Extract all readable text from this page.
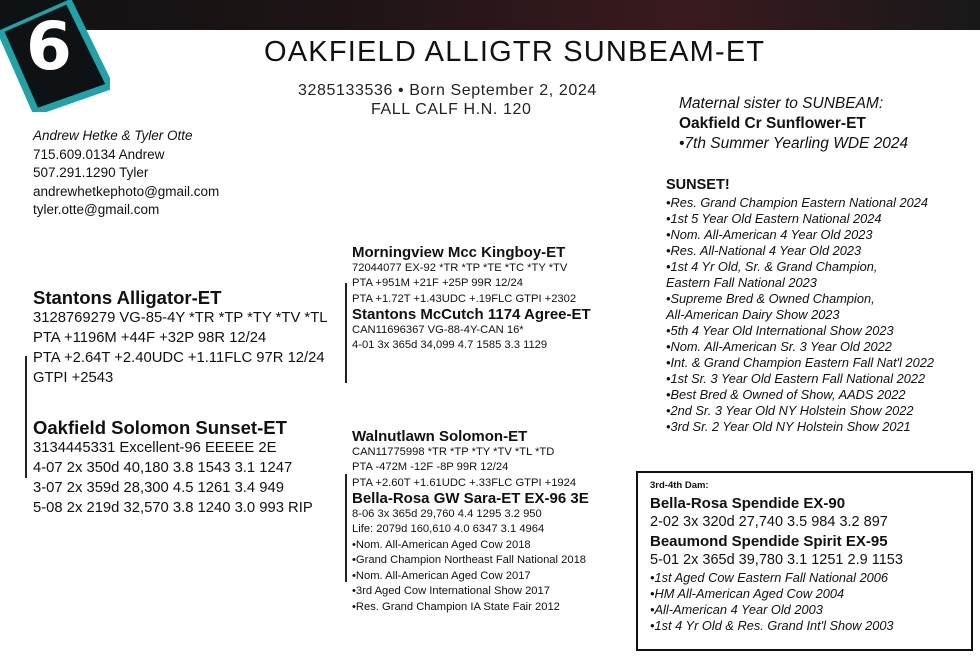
6	OAKFIELD ALLIGTR SUNBEAM-ET
3285133536 • Born September 2, 2024
FALL CALF H.N. 120
Andrew Hetke & Tyler Otte
715.609.0134 Andrew
507.291.1290 Tyler
andrewhetkephoto@gmail.com
tyler.otte@gmail.com
Maternal sister to SUNBEAM:
Oakfield Cr Sunflower-ET
•7th Summer Yearling WDE 2024
SUNSET!
•Res. Grand Champion Eastern National 2024
•1st 5 Year Old Eastern National 2024
•Nom. All-American 4 Year Old 2023
•Res. All-National 4 Year Old 2023
•1st 4 Yr Old, Sr. & Grand Champion,
Eastern Fall National 2023
•Supreme Bred & Owned Champion,
All-American Dairy Show 2023
•5th 4 Year Old International Show 2023
•Nom. All-American Sr. 3 Year Old 2022
•Int. & Grand Champion Eastern Fall Nat'l 2022
•1st Sr. 3 Year Old Eastern Fall National 2022
•Best Bred & Owned of Show, AADS 2022
•2nd Sr. 3 Year Old NY Holstein Show 2022
•3rd Sr. 2 Year Old NY Holstein Show 2021
Stantons Alligator-ET
3128769279 VG-85-4Y *TR *TP *TY *TV *TL
PTA +1196M +44F +32P 98R 12/24
PTA +2.64T +2.40UDC +1.11FLC 97R 12/24
GTPI +2543
Oakfield Solomon Sunset-ET
3134445331 Excellent-96 EEEEE 2E
4-07 2x 350d 40,180 3.8 1543 3.1 1247
3-07 2x 359d 28,300 4.5 1261 3.4 949
5-08 2x 219d 32,570 3.8 1240 3.0 993 RIP
Morningview Mcc Kingboy-ET
72044077 EX-92 *TR *TP *TE *TC *TY *TV
PTA +951M +21F +25P 99R 12/24
PTA +1.72T +1.43UDC +.19FLC GTPI +2302
Stantons McCutch 1174 Agree-ET
CAN11696367 VG-88-4Y-CAN 16*
4-01 3x 365d 34,099 4.7 1585 3.3 1129
Walnutlawn Solomon-ET
CAN11775998 *TR *TP *TY *TV *TL *TD
PTA -472M -12F -8P 99R 12/24
PTA +2.60T +1.61UDC +.33FLC GTPI +1924
Bella-Rosa GW Sara-ET EX-96 3E
8-06 3x 365d 29,760 4.4 1295 3.2 950
Life: 2079d 160,610 4.0 6347 3.1 4964
•Nom. All-American Aged Cow 2018
•Grand Champion Northeast Fall National 2018
•Nom. All-American Aged Cow 2017
•3rd Aged Cow International Show 2017
•Res. Grand Champion IA State Fair 2012
3rd-4th Dam:
Bella-Rosa Spendide EX-90
2-02 3x 320d 27,740 3.5 984 3.2 897
Beaumond Spendide Spirit EX-95
5-01 2x 365d 39,780 3.1 1251 2.9 1153
•1st Aged Cow Eastern Fall National 2006
•HM All-American Aged Cow 2004
•All-American 4 Year Old 2003
•1st 4 Yr Old & Res. Grand Int'l Show 2003
